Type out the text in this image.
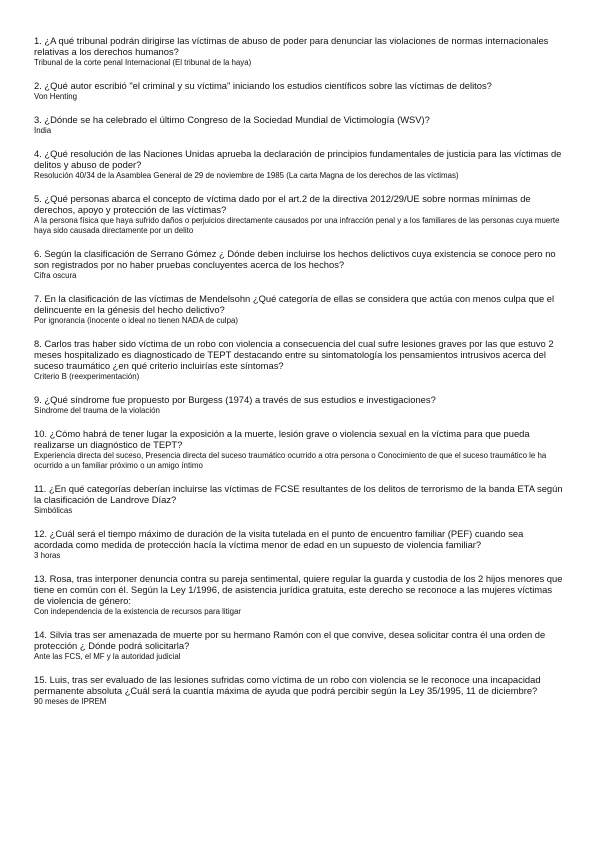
1. ¿A qué tribunal podrán dirigirse las víctimas de abuso de poder para denunciar las violaciones de normas internacionales relativas a los derechos humanos?
Tribunal de la corte penal Internacional (El tribunal de la haya)
2. ¿Qué autor escribió "el criminal y su víctima" iniciando los estudios científicos sobre las víctimas de delitos?
Von Henting
3. ¿Dónde se ha celebrado el último Congreso de la Sociedad Mundial de Victimología (WSV)?
India
4. ¿Qué resolución de las Naciones Unidas aprueba la declaración de principios fundamentales de justicia para las víctimas de delitos y abuso de poder?
Resolución 40/34 de la Asamblea General de 29 de noviembre de 1985 (La carta Magna de los derechos de las víctimas)
5. ¿Qué personas abarca el concepto de víctima dado por el art.2 de la directiva 2012/29/UE sobre normas mínimas de derechos, apoyo y protección de las víctimas?
A la persona física que haya sufrido daños o perjuicios directamente causados por una infracción penal y a los familiares de las personas cuya muerte haya sido causada directamente por un delito
6. Según la clasificación de Serrano Gómez ¿ Dónde deben incluirse los hechos delictivos cuya existencia se conoce pero no son registrados por no haber pruebas concluyentes acerca de los hechos?
Cifra oscura
7. En la clasificación de las víctimas de Mendelsohn ¿Qué categoría de ellas se considera que actúa con menos culpa que el delincuente en la génesis del hecho delictivo?
Por ignorancia (inocente o ideal no tienen NADA de culpa)
8. Carlos tras haber sido víctima de un robo con violencia a consecuencia del cual sufre lesiones graves por las que estuvo 2 meses hospitalizado es diagnosticado de TEPT destacando entre su sintomatología los pensamientos intrusivos acerca del suceso traumático ¿en qué criterio incluirías este síntomas?
Criterio B (reexperimentación)
9. ¿Qué síndrome fue propuesto por Burgess (1974) a través de sus estudios e investigaciones?
Síndrome del trauma de la violación
10. ¿Cómo habrá de tener lugar la exposición a la muerte, lesión grave o violencia sexual en la víctima para que pueda realizarse un diagnóstico de TEPT?
Experiencia directa del suceso, Presencia directa del suceso traumático ocurrido a otra persona o Conocimiento de que el suceso traumático le ha ocurrido a un familiar próximo o un amigo íntimo
11. ¿En qué categorías deberían incluirse las víctimas de FCSE resultantes de los delitos de terrorismo de la banda ETA según la clasificación de Landrove Díaz?
Simbólicas
12. ¿Cuál será el tiempo máximo de duración de la visita tutelada en el punto de encuentro familiar (PEF) cuando sea acordada como medida de protección hacía la víctima menor de edad en un supuesto de violencia familiar?
3 horas
13. Rosa, tras interponer denuncia contra su pareja sentimental, quiere regular la guarda y custodia de los 2 hijos menores que tiene en común con él. Según la Ley 1/1996, de asistencia jurídica gratuita, este derecho se reconoce a las mujeres víctimas de violencia de género:
Con independencia de la existencia de recursos para litigar
14. Silvia tras ser amenazada de muerte por su hermano Ramón con el que convive, desea solicitar contra él una orden de protección ¿ Dónde podrá solicitarla?
Ante las FCS, el MF y la autoridad judicial
15. Luis, tras ser evaluado de las lesiones sufridas como víctima de un robo con violencia se le reconoce una incapacidad permanente absoluta ¿Cuál será la cuantía máxima de ayuda que podrá percibir según la Ley 35/1995, 11 de diciembre?
90 meses de IPREM
